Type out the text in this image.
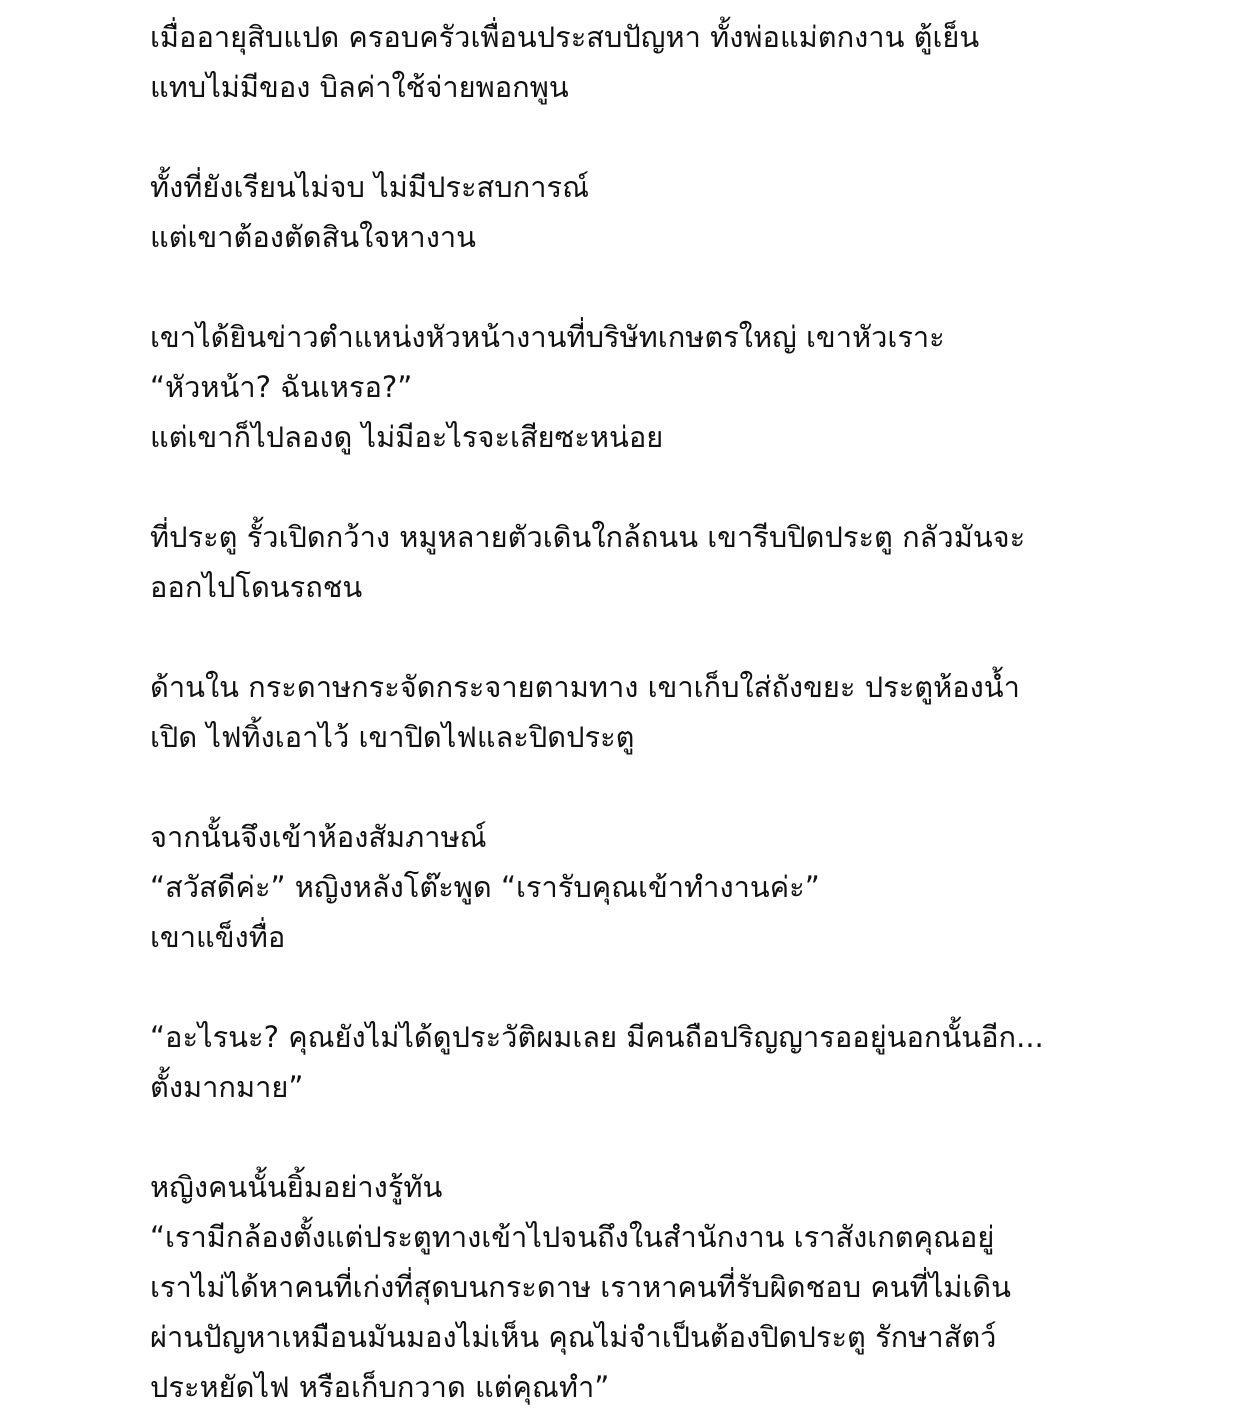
เมื่ออายุสิบแปด ครอบครัวเพื่อนประสบปัญหา ทั้งพ่อแม่ตกงาน ตู้เย็น
แทบไม่มีของ บิลค่าใช้จ่ายพอกพูน

ทั้งที่ยังเรียนไม่จบ ไม่มีประสบการณ์
แต่เขาต้องตัดสินใจหางาน

เขาได้ยินข่าวตำแหน่งหัวหน้างานที่บริษัทเกษตรใหญ่ เขาหัวเราะ
“หัวหน้า? ฉันเหรอ?”
แต่เขาก็ไปลองดู ไม่มีอะไรจะเสียซะหน่อย

ที่ประตู รั้วเปิดกว้าง หมูหลายตัวเดินใกล้ถนน เขารีบปิดประตู กลัวมันจะ
ออกไปโดนรถชน

ด้านใน กระดาษกระจัดกระจายตามทาง เขาเก็บใส่ถังขยะ ประตูห้องน้ำ
เปิด ไฟทิ้งเอาไว้ เขาปิดไฟและปิดประตู

จากนั้นจึงเข้าห้องสัมภาษณ์
“สวัสดีค่ะ” หญิงหลังโต๊ะพูด “เรารับคุณเข้าทำงานค่ะ”
เขาแข็งทื่อ

“อะไรนะ? คุณยังไม่ได้ดูประวัติผมเลย มีคนถือปริญญารออยู่นอกนั้นอีก...
ตั้งมากมาย”

หญิงคนนั้นยิ้มอย่างรู้ทัน
“เรามีกล้องตั้งแต่ประตูทางเข้าไปจนถึงในสำนักงาน เราสังเกตคุณอยู่
เราไม่ได้หาคนที่เก่งที่สุดบนกระดาษ เราหาคนที่รับผิดชอบ คนที่ไม่เดิน
ผ่านปัญหาเหมือนมันมองไม่เห็น คุณไม่จำเป็นต้องปิดประตู รักษาสัตว์
ประหยัดไฟ หรือเก็บกวาด แต่คุณทำ”
